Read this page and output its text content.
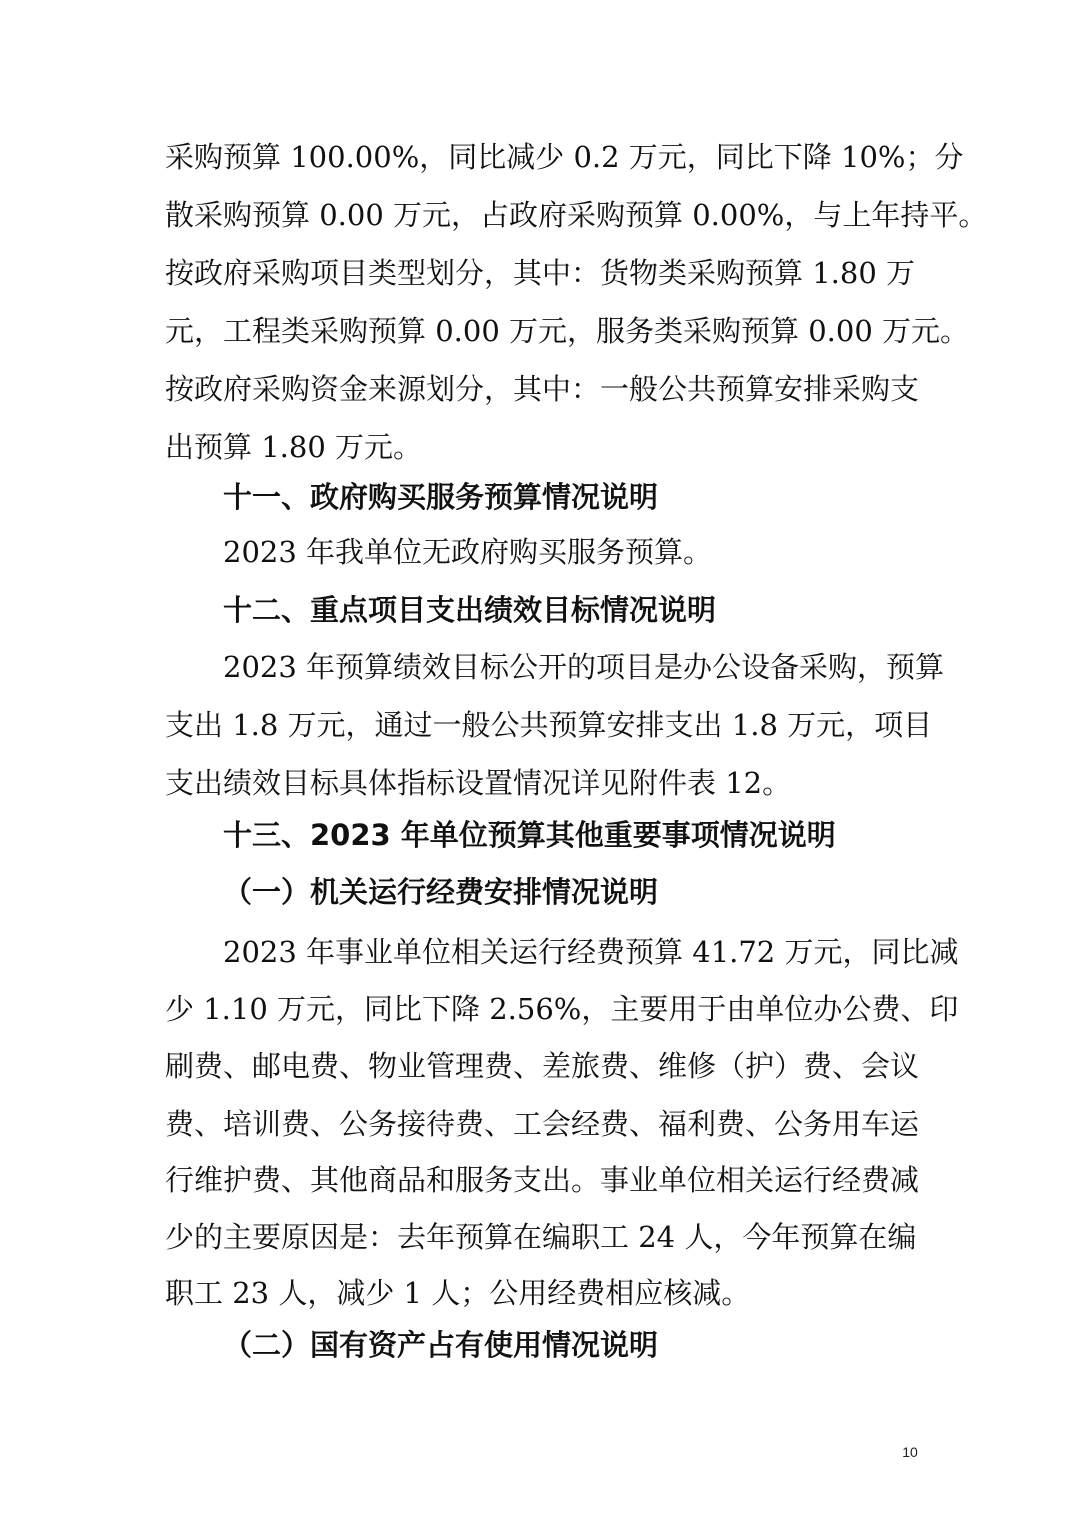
采购预算 100.00%，同比减少 0.2 万元，同比下降 10%；分
散采购预算 0.00 万元，占政府采购预算 0.00%，与上年持平。
按政府采购项目类型划分，其中：货物类采购预算 1.80 万
元，工程类采购预算 0.00 万元，服务类采购预算 0.00 万元。
按政府采购资金来源划分，其中：一般公共预算安排采购支
出预算 1.80 万元。
十一、政府购买服务预算情况说明
2023 年我单位无政府购买服务预算。
十二、重点项目支出绩效目标情况说明
2023 年预算绩效目标公开的项目是办公设备采购，预算
支出 1.8 万元，通过一般公共预算安排支出 1.8 万元，项目
支出绩效目标具体指标设置情况详见附件表 12。
十三、2023 年单位预算其他重要事项情况说明
（一）机关运行经费安排情况说明
2023 年事业单位相关运行经费预算 41.72 万元，同比减
少 1.10 万元，同比下降 2.56%，主要用于由单位办公费、印
刷费、邮电费、物业管理费、差旅费、维修（护）费、会议
费、培训费、公务接待费、工会经费、福利费、公务用车运
行维护费、其他商品和服务支出。事业单位相关运行经费减
少的主要原因是：去年预算在编职工 24 人，今年预算在编
职工 23 人，减少 1 人；公用经费相应核减。
（二）国有资产占有使用情况说明
10
